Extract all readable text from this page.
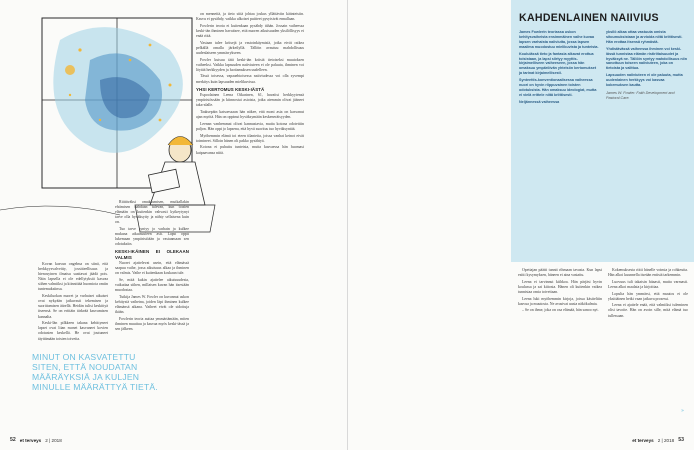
Kovan kasvun ongelma on siinä, että herkkyysvalveitty, jossitteellisuus ja hienosyinen ilmaisu saattavat jäädä pois. Näin lapsella ei ole edellytyksiä kasvaa siihen valmiiksi ja kiinnittää huomiota omiin tuntemuksiinsa.

Keskiluokan nuoret ja varhaiset aikuiset ovat nykyään jatkuvasti tekemisen ja suorittamisen äärellä. Heidän tulisi keskittyä itseensä. Se on erittäin tärkeää kasvamisen kannalta.

Keski-Iän pilkkeen takana kehittyneet lapset ovat liian monet kasvaneet kovien odotusten keskellä. He ovat joutuneet täyttämään toisten toiveita.

Riittäväksi omaksumisen, mutkallakin ehtimisen nähdään tulevan, kun toisten elämään on kuitenkin vahvasti kytkeytynyt tarve olla hyväksytty ja nähty sellaisena kuin on.

Tuo tarve syntyy jo varhain ja kulkee mukana aikuisuuteen asti. Lapsi oppii lukemaan ympäristöään ja vastaamaan sen odotuksiin.

KESKI-IKÄINEN EI OLEKAAN VALMIS

Nuoret ajattelevat usein, että elämässä saapuu vaihe, jossa aikuisuus alkaa ja ihminen on valmis. Vaihe ei kuitenkaan koskaan tule.

Se, mitä kukin ajattelee aikuisuudesta, vaikuttaa siihen, millaisen kuvan hän itsestään muodostaa.

Tutkija James W. Fowler on kuvannut uskon kehitystä vaiheina, joiden läpi ihminen kulkee elämänsä aikana. Vaiheet eivät ole sidottuja ikään.

Fowlerin teoria auttaa ymmärtämään, miten ihminen muuttuu ja kasvaa myös keski-iässä ja sen jälkeen.

on menneitä, ja tieto siitä johtaa joskus yllättäviin käänteisiin. Kasvu ei pysähdy, vaikka ulkoiset puitteet pysyisivät ennallaan.

Fowlerin teoria ei kuitenkaan pysähdy tähän. Jossain vaiheessa keski-iän ihminen havaitsee, että nuoren aikuisuuden yksilöllisyys ei enää riitä.

Vastaan tulee kriisejä ja vastoinkäymisiä, jotka eivät ratkea pelkällä omalla järkeilyllä. Tällöin avautuu mahdollisuus uudenlaiseen ymmärrykseen.

Fowler kutsuu tätä keski-iän kriisiä tietoiseksi muutoksen vaiheeksi. Vaikka lapsuuden naiiviuteen ei ole paluuta, ihminen voi löytää herkkyyden ja luottamuksen uudelleen.

Tässä toisessa, vapaaehtoisessa naiiviudessa voi olla syvempi merkitys kuin lapsuuden mielikuvissa.

YHSI KERTOMUS KESKI-IÄSTÄ

Espoolainen Leena Oikarinen, 61, havaitsi herkkyytensä ympäristössään ja kiinnostui asioista, jotka aiemmin olivat jääneet taka-alalle.

Taaksepäin katsoessaan hän näkee, että moni asia on kasvanut ajan myötä. Hän on oppinut hyväksymään keskeneräisyyden.

Leenan vanhemmat olivat kannustavia, mutta kotona odotettiin paljon. Hän oppi jo lapsena, että hyvä suoritus tuo hyväksyntää.

Myöhemmin elämä toi eteen tilanteita, joissa vanhat keinot eivät toimineet. Silloin hänen oli pakko pysähtyä.

Kotona ei puhuttu tunteista, mutta kasvaessa hän huomasi kaipaavansa niitä.

MINUT ON KASVATETTU SITEN, ETTÄ NOUDATAN MÄÄRÄYKSIÄ JA KULJEN MINULLE MÄÄRÄTTYÄ TIETÄ.
52 et terveys 2 | 2018
KAHDENLAINEN NAIIVIUS

James Fowlerin teoriassa uskon kehitysvaiheista ensimmäinen vaihe kuvaa lapsen varhaista naiiviutta, jossa lapsen maailma muodostuu mielikuvista ja tunteista.

Kouluiässä tieto ja fantasia alkavat erottua toisistaan, ja lapsi siirtyy myyttis-kirjaimelliseen vaiheeseen, jossa hän omaksuu ympäröivän yhteisön kertomukset ja tarinat kirjaimellisesti.

Synteettis-konventionaalisessa vaiheessa nuori on hyvin riippuvainen toisten odotuksista. Hän omaksuu ideologiat, mutta ei vielä erittele niitä kriittisesti.

Neljännessä vaiheessa

yksilö alkaa ottaa vastuuta omista sitoumuksistaan ja arvioida niitä kriittisesti. Hän erottaa itsensä ryhmästä.

Yhdistävässä vaiheessa ihminen voi keski-iässä tunnistaa elämän ristiriitaisuudet ja hyväksyä ne. Tällöin syntyy mahdollisuus niin sanottuun toiseen naiiviuteen, joka on tietoista ja valittua.

Lapsuuden naiiviuteen ei ole paluuta, mutta uudenlainen herkkyys voi kasvaa kokemuksen kautta.

James W. Fowler: Faith Development and Pastoral Care.

Opettajan päätti tunnit rihmaan tavasta. Kun lapsi esitti kysymyksen, häneen ei aina vastattu.

Leena ei tarvinnut kiihkoa. Hän pärjäsi hyvin koulussa ja sai kiitosta. Hänen oli kuitenkin vaikea tunnistaa omia toiveitaan.

Leena luki myöhemmin kirjoja, joissa käsiteltiin kasvua ja muutosta. Ne avasivat uusia näkökulmia.

– Se on ihme, joka on osa elämää, hän sanoo nyt.

Kokemuksesta riitti hänelle voimia ja rohkeutta. Hän alkoi kuunnella itseään entistä tarkemmin.

Luovuus tuli takaisin hitaasti, mutta varmasti. Leena alkoi maalata ja kirjoittaa.

Lopulta hän ymmärsi, että muutos ei ole yksittäinen hetki vaan jatkuva prosessi.

Leena ei ajattele enää, että valmiiksi tuleminen olisi tavoite. Hän on avoin sille, mitä elämä tuo tullessaan.

»
et terveys 2 | 2018 53
